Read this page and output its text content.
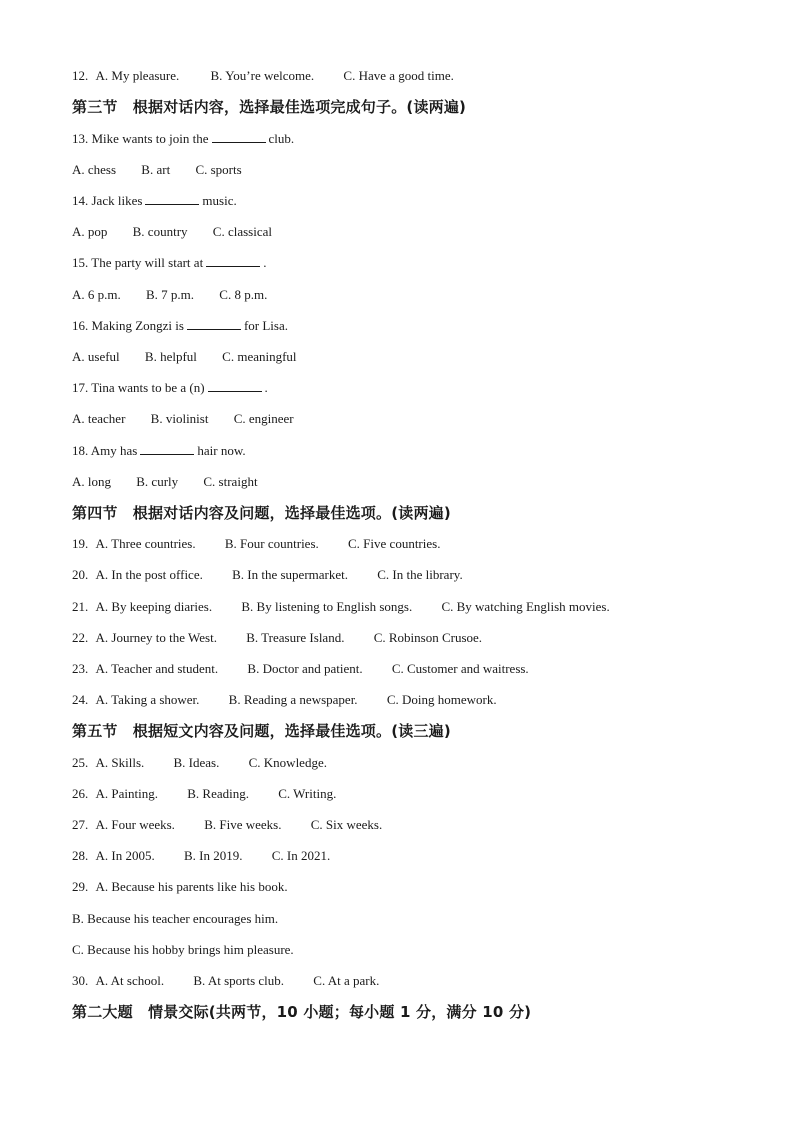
12. A. My pleasure. B. You’re welcome. C. Have a good time.
第三节　根据对话内容，选择最佳选项完成句子。(读两遍)
13. Mike wants to join the	club.
A. chess B. art C. sports
14. Jack likes	music.
A. pop B. country C. classical
15. The party will start at	.
A. 6 p.m. B. 7 p.m. C. 8 p.m.
16. Making Zongzi is	for Lisa.
A. useful B. helpful C. meaningful
17. Tina wants to be a (n)	.
A. teacher B. violinist C. engineer
18. Amy has	hair now.
A. long B. curly C. straight
第四节　根据对话内容及问题，选择最佳选项。(读两遍)
19. A. Three countries. B. Four countries. C. Five countries.
20. A. In the post office. B. In the supermarket. C. In the library.
21. A. By keeping diaries. B. By listening to English songs. C. By watching English movies.
22. A. Journey to the West. B. Treasure Island. C. Robinson Crusoe.
23. A. Teacher and student. B. Doctor and patient. C. Customer and waitress.
24. A. Taking a shower. B. Reading a newspaper. C. Doing homework.
第五节　根据短文内容及问题，选择最佳选项。(读三遍)
25. A. Skills. B. Ideas. C. Knowledge.
26. A. Painting. B. Reading. C. Writing.
27. A. Four weeks. B. Five weeks. C. Six weeks.
28. A. In 2005. B. In 2019. C. In 2021.
29. A. Because his parents like his book.
B. Because his teacher encourages him.
C. Because his hobby brings him pleasure.
30. A. At school. B. At sports club. C. At a park.
第二大题　情景交际(共两节，10 小题；每小题 1 分，满分 10 分)
